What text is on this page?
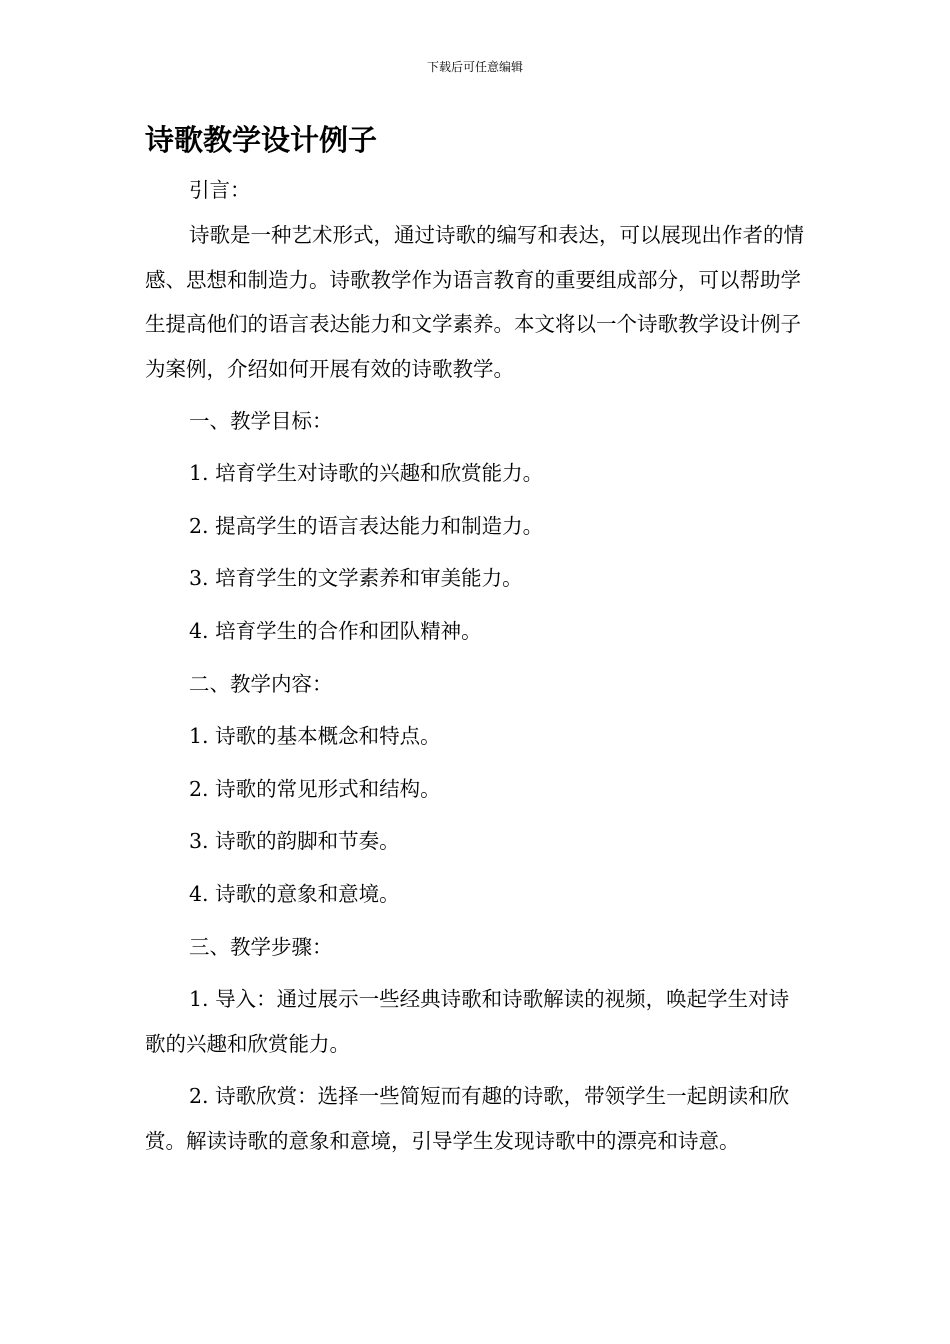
下载后可任意编辑
诗歌教学设计例子

引言：

诗歌是一种艺术形式，通过诗歌的编写和表达，可以展现出作者的情感、思想和制造力。诗歌教学作为语言教育的重要组成部分，可以帮助学生提高他们的语言表达能力和文学素养。本文将以一个诗歌教学设计例子为案例，介绍如何开展有效的诗歌教学。

一、教学目标：

1. 培育学生对诗歌的兴趣和欣赏能力。

2. 提高学生的语言表达能力和制造力。

3. 培育学生的文学素养和审美能力。

4. 培育学生的合作和团队精神。

二、教学内容：

1. 诗歌的基本概念和特点。

2. 诗歌的常见形式和结构。

3. 诗歌的韵脚和节奏。

4. 诗歌的意象和意境。

三、教学步骤：

1. 导入：通过展示一些经典诗歌和诗歌解读的视频，唤起学生对诗歌的兴趣和欣赏能力。

2. 诗歌欣赏：选择一些简短而有趣的诗歌，带领学生一起朗读和欣赏。解读诗歌的意象和意境，引导学生发现诗歌中的漂亮和诗意。
